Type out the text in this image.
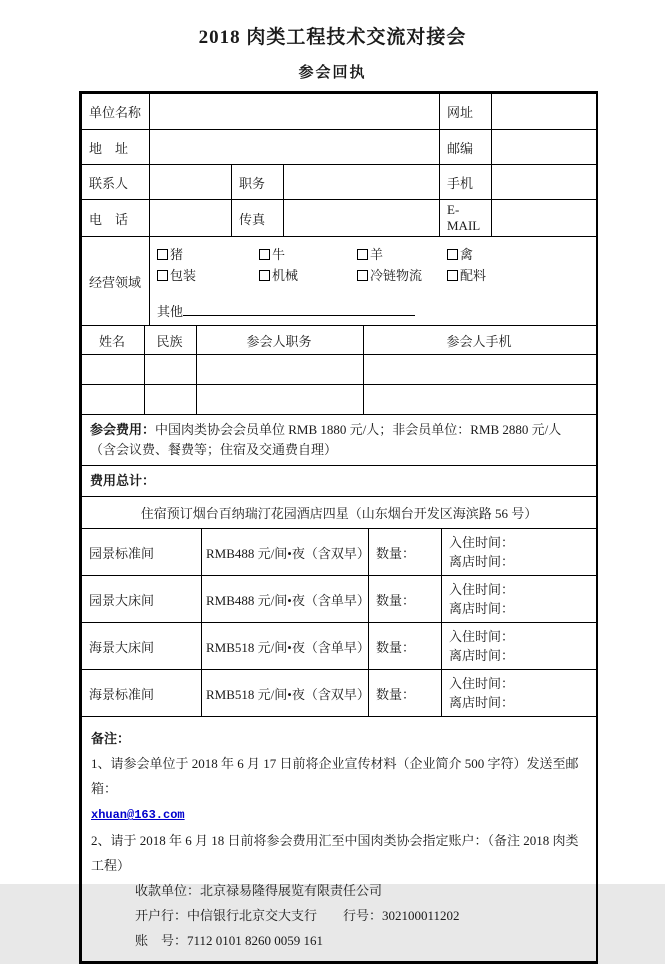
2018 肉类工程技术交流对接会
参会回执
单位名称				网址	
地　址				邮编	
联系人		职务		手机	
电　话		传真		E-MAIL	
经营领域	
猪	牛	羊	禽
包装	机械	冷链物流	配料
其他
姓名	民族	参会人职务	参会人手机

参会费用：中国肉类协会会员单位 RMB 1880 元/人；非会员单位：RMB 2880 元/人
（含会议费、餐费等；住宿及交通费自理）

费用总计：
住宿预订烟台百纳瑞汀花园酒店四星（山东烟台开发区海滨路 56 号）			
园景标准间	RMB488 元/间•夜（含双早）	数量：	入住时间：
离店时间：

园景大床间	RMB488 元/间•夜（含单早）	数量：	入住时间：
离店时间：

海景大床间	RMB518 元/间•夜（含单早）	数量：	入住时间：
离店时间：

海景标准间	RMB518 元/间•夜（含双早）	数量：	入住时间：
离店时间：
备注：
1、请参会单位于 2018 年 6 月 17 日前将企业宣传材料（企业简介 500 字符）发送至邮箱：
xhuan@163.com
2、请于 2018 年 6 月 18 日前将参会费用汇至中国肉类协会指定账户：（备注 2018 肉类工程）
收款单位：北京禄易隆得展览有限责任公司
开户行：中信银行北京交大支行　　行号：302100011202
账　号：7112 0101 8260 0059 161
